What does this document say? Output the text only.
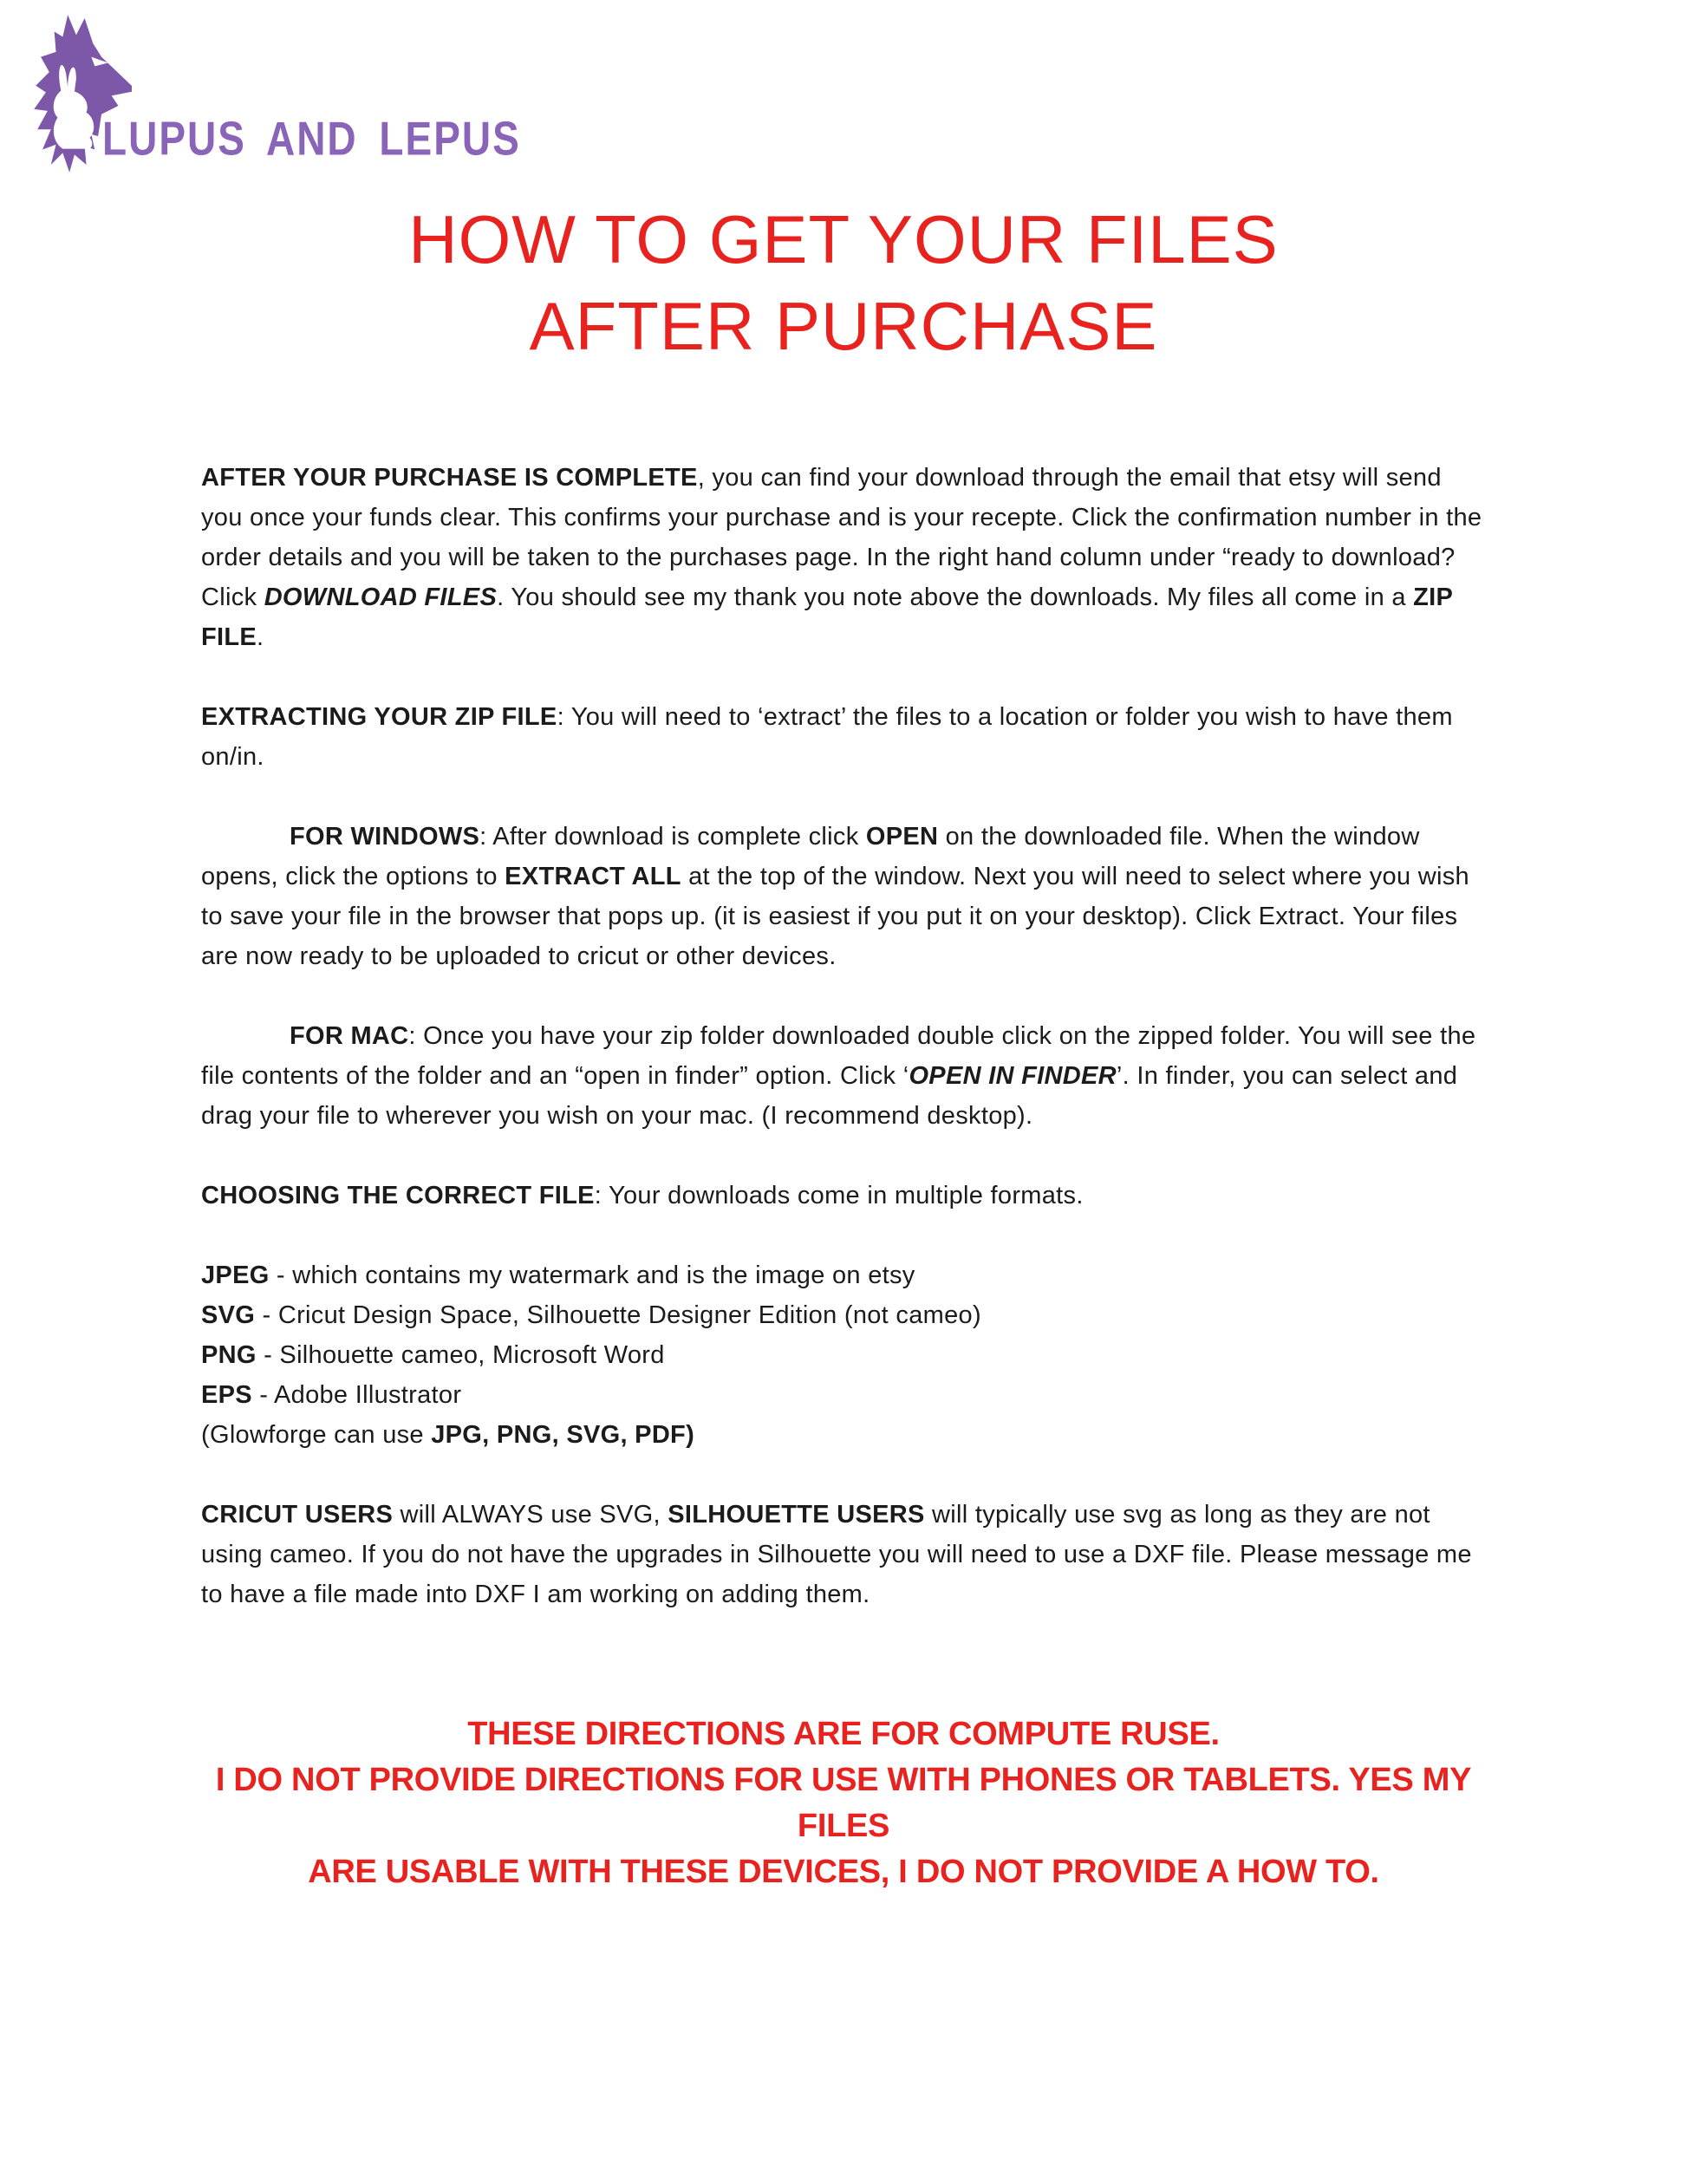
LUPUS AND LEPUS
HOW TO GET YOUR FILES
AFTER PURCHASE

AFTER YOUR PURCHASE IS COMPLETE, you can find your download through the email that etsy will send you once your funds clear. This confirms your purchase and is your recepte. Click the confirmation number in the order details and you will be taken to the purchases page. In the right hand column under “ready to download? Click DOWNLOAD FILES. You should see my thank you note above the downloads. My files all come in a ZIP FILE.

EXTRACTING YOUR ZIP FILE: You will need to ‘extract’ the files to a location or folder you wish to have them on/in.

FOR WINDOWS: After download is complete click OPEN on the downloaded file. When the window opens, click the options to EXTRACT ALL at the top of the window. Next you will need to select where you wish to save your file in the browser that pops up. (it is easiest if you put it on your desktop). Click Extract. Your files are now ready to be uploaded to cricut or other devices.

FOR MAC: Once you have your zip folder downloaded double click on the zipped folder. You will see the file contents of the folder and an “open in finder” option. Click ‘OPEN IN FINDER’. In finder, you can select and drag your file to wherever you wish on your mac. (I recommend desktop).

CHOOSING THE CORRECT FILE: Your downloads come in multiple formats.

JPEG - which contains my watermark and is the image on etsy

SVG - Cricut Design Space, Silhouette Designer Edition (not cameo)

PNG - Silhouette cameo, Microsoft Word

EPS - Adobe Illustrator

(Glowforge can use JPG, PNG, SVG, PDF)

CRICUT USERS will ALWAYS use SVG, SILHOUETTE USERS will typically use svg as long as they are not using cameo. If you do not have the upgrades in Silhouette you will need to use a DXF file. Please message me to have a file made into DXF I am working on adding them.

THESE DIRECTIONS ARE FOR COMPUTE RUSE.
I DO NOT PROVIDE DIRECTIONS FOR USE WITH PHONES OR TABLETS. YES MY FILES
ARE USABLE WITH THESE DEVICES, I DO NOT PROVIDE A HOW TO.
